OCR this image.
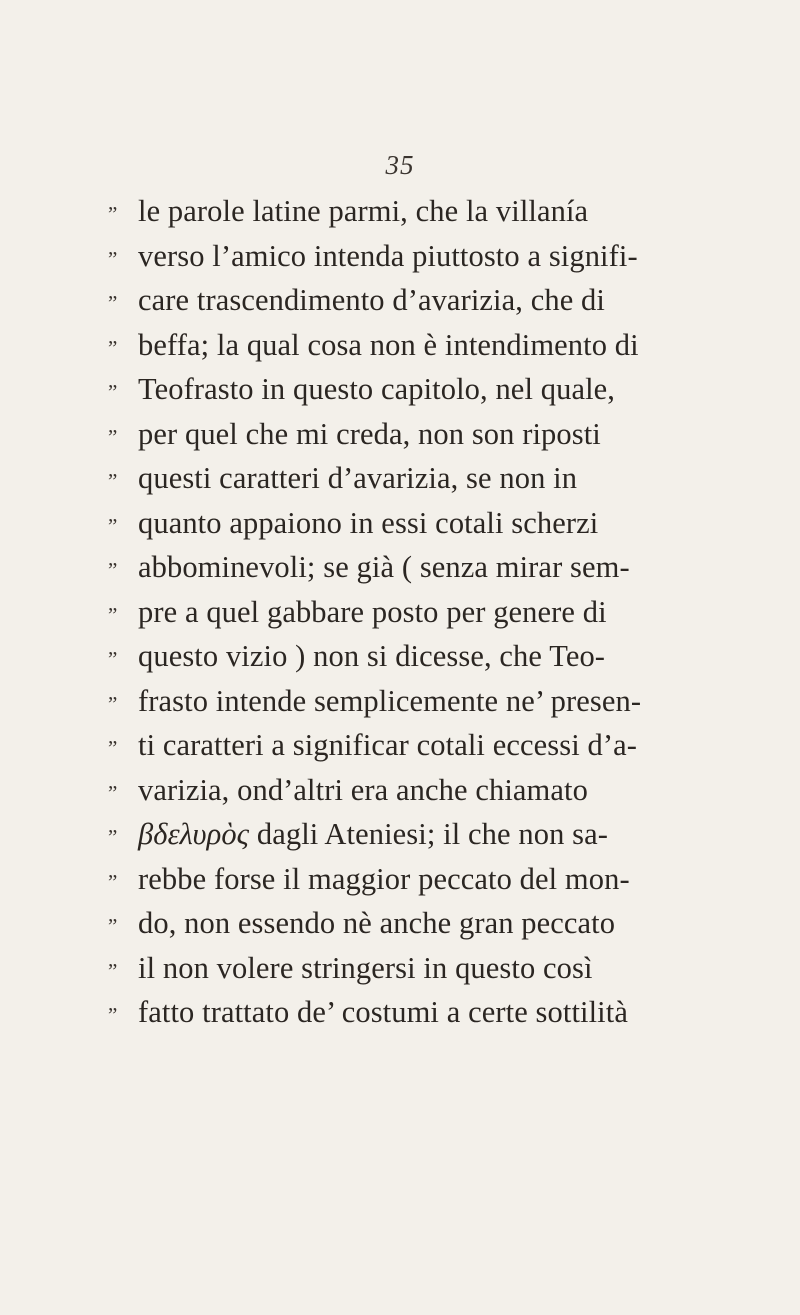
35
” le parole latine parmi, che la villanía
” verso l’amico intenda piuttosto a signifi-
” care trascendimento d’avarizia, che di
” beffa; la qual cosa non è intendimento di
” Teofrasto in questo capitolo, nel quale,
” per quel che mi creda, non son riposti
” questi caratteri d’avarizia, se non in
” quanto appaiono in essi cotali scherzi
” abbominevoli; se già ( senza mirar sem-
” pre a quel gabbare posto per genere di
” questo vizio ) non si dicesse, che Teo-
” frasto intende semplicemente ne’ presen-
” ti caratteri a significar cotali eccessi d’a-
” varizia, ond’altri era anche chiamato
” βδελυρὸς dagli Ateniesi; il che non sa-
” rebbe forse il maggior peccato del mon-
” do, non essendo nè anche gran peccato
” il non volere stringersi in questo così
” fatto trattato de’ costumi a certe sottilità
